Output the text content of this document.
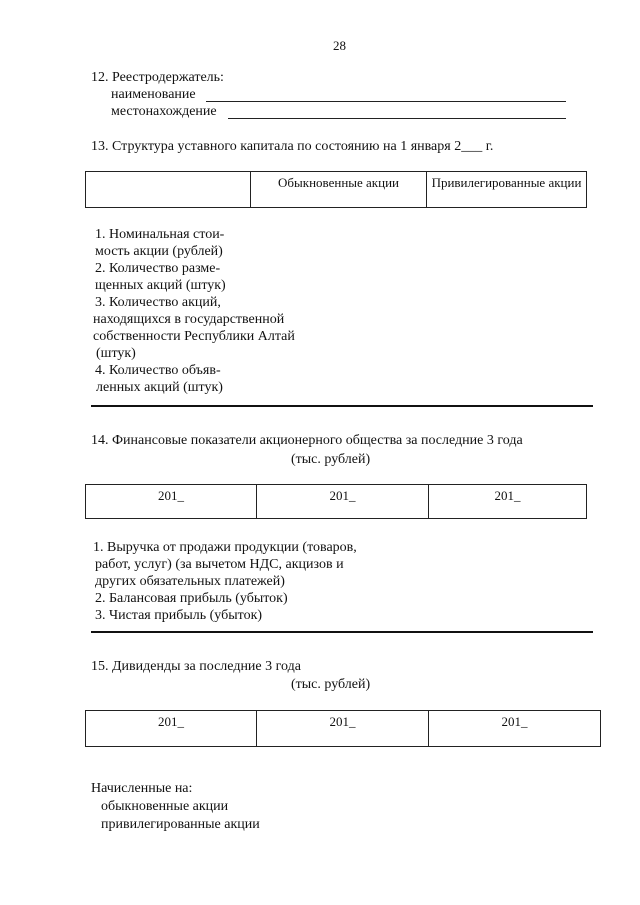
28
12. Реестродержатель:
наименование
местонахождение
13. Структура уставного капитала по состоянию на 1 января 2___ г.
	Обыкновенные акции	Привилегированные акции
1. Номинальная стои-
мость акции (рублей)
2. Количество разме-
щенных акций (штук)
3. Количество акций,
находящихся в государственной
собственности Республики Алтай
(штук)
4. Количество объяв-
ленных акций (штук)
14. Финансовые показатели акционерного общества за последние 3 года
(тыс. рублей)
201_	201_	201_
1. Выручка от продажи продукции (товаров,
работ, услуг) (за вычетом НДС, акцизов и
других обязательных платежей)
2. Балансовая прибыль (убыток)
3. Чистая прибыль (убыток)
15. Дивиденды за последние 3 года
(тыс. рублей)
201_	201_	201_
Начисленные на:
обыкновенные акции
привилегированные акции
